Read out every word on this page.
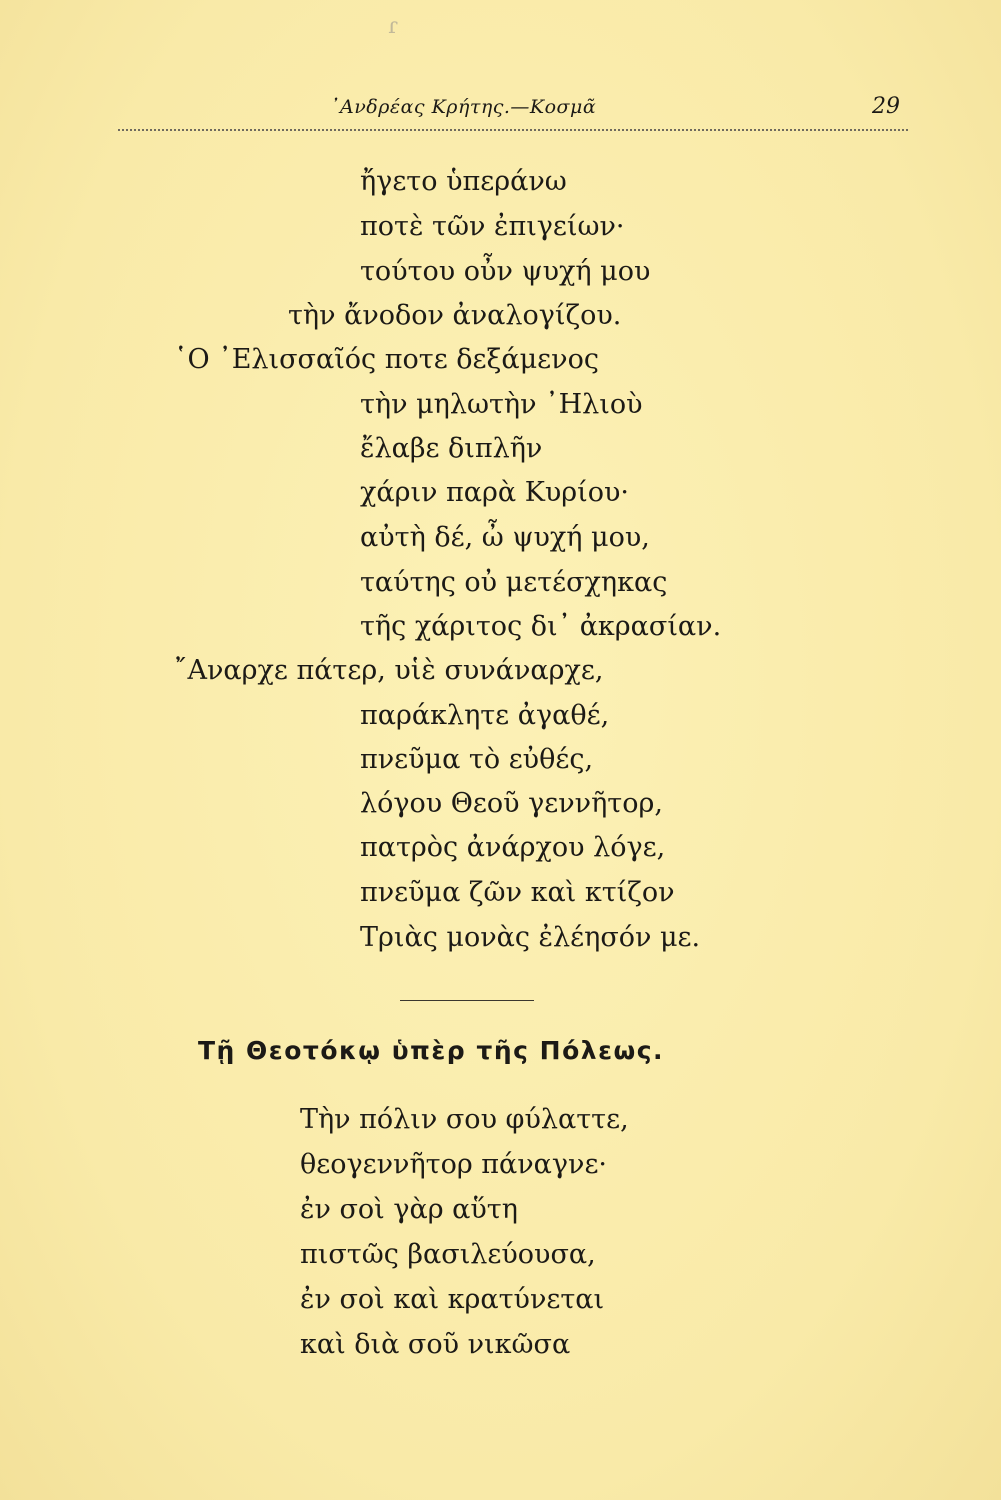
ɾ
᾿Ανδρέας Κρήτης.—Κοσμᾶ	29
ἤγετο ὑπεράνω
ποτὲ τῶν ἐπιγείων·
τούτου οὖν ψυχή μου
τὴν ἄνοδον ἀναλογίζου.
῾Ο ᾿Ελισσαῖός ποτε δεξάμενος
τὴν μηλωτὴν ᾿Ηλιοὺ
ἔλαβε διπλῆν
χάριν παρὰ Κυρίου·
αὐτὴ δέ, ὦ ψυχή μου,
ταύτης οὐ μετέσχηκας
τῆς χάριτος δι᾿ ἀκρασίαν.
῎Αναρχε πάτερ, υἱὲ συνάναρχε,
παράκλητε ἀγαθέ,
πνεῦμα τὸ εὐθές,
λόγου Θεοῦ γεννῆτορ,
πατρὸς ἀνάρχου λόγε,
πνεῦμα ζῶν καὶ κτίζον
Τριὰς μονὰς ἐλέησόν με.
Τῇ Θεοτόκῳ ὑπὲρ τῆς Πόλεως.
Τὴν πόλιν σου φύλαττε,
θεογεννῆτορ πάναγνε·
ἐν σοὶ γὰρ αὕτη
πιστῶς βασιλεύουσα,
ἐν σοὶ καὶ κρατύνεται
καὶ διὰ σοῦ νικῶσα
